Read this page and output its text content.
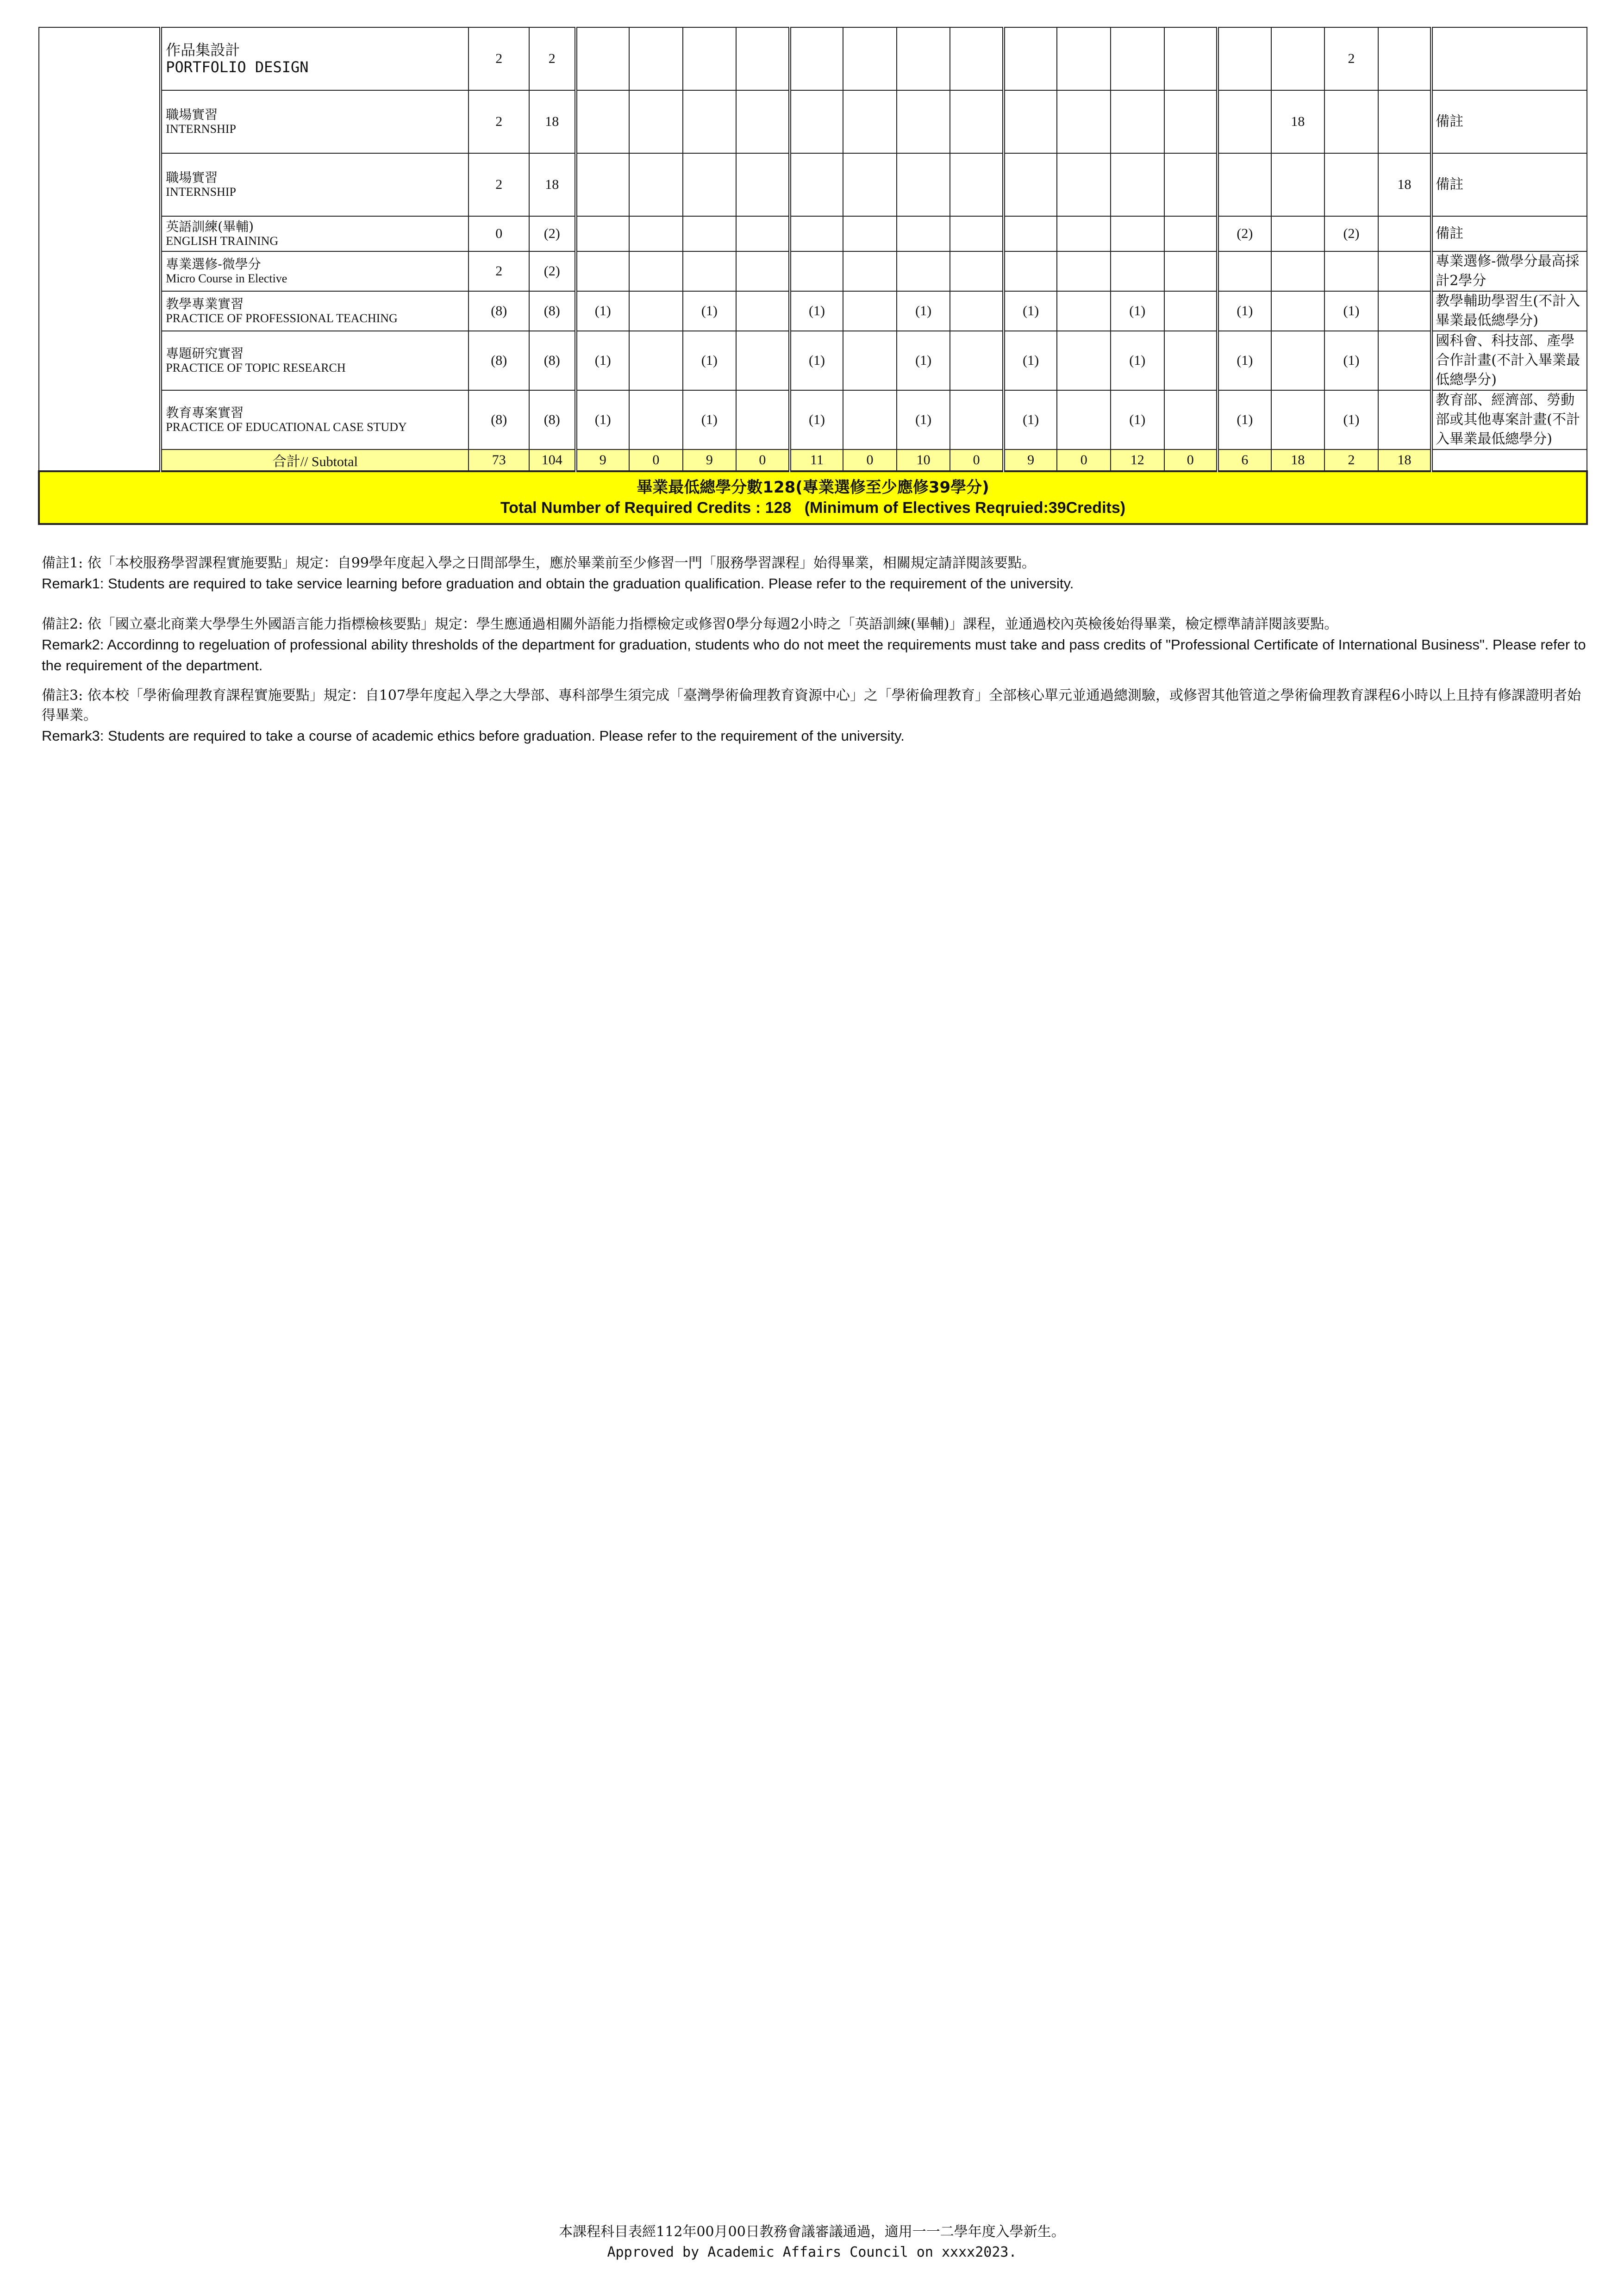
	作品集設計
PORTFOLIO DESIGN	2	2															2		

	職場實習
INTERNSHIP	2	18														18			備註

	職場實習
INTERNSHIP	2	18																18	備註

	英語訓練(畢輔)
ENGLISH TRAINING	0	(2)													(2)		(2)		備註

	專業選修-微學分
Micro Course in Elective	2	(2)																	專業選修-微學分最高採計2學分

	教學專業實習
PRACTICE OF PROFESSIONAL TEACHING	(8)	(8)	(1)		(1)		(1)		(1)		(1)		(1)		(1)		(1)		教學輔助學習生(不計入畢業最低總學分)

	專題研究實習
PRACTICE OF TOPIC RESEARCH	(8)	(8)	(1)		(1)		(1)		(1)		(1)		(1)		(1)		(1)		國科會、科技部、產學合作計畫(不計入畢業最低總學分)

	教育專案實習
PRACTICE OF EDUCATIONAL CASE STUDY	(8)	(8)	(1)		(1)		(1)		(1)		(1)		(1)		(1)		(1)		教育部、經濟部、勞動部或其他專案計畫(不計入畢業最低總學分)
	合計// Subtotal	73	104	9	0	9	0	11	0	10	0	9	0	12	0	6	18	2	18	

畢業最低總學分數128(專業選修至少應修39學分)
Total Number of Required Credits : 128   (Minimum of Electives Reqruied:39Credits)																				

備註1: 依「本校服務學習課程實施要點」規定：自99學年度起入學之日間部學生，應於畢業前至少修習一門「服務學習課程」始得畢業，相關規定請詳閱該要點。

Remark1: Students are required to take service learning before graduation and obtain the graduation qualification. Please refer to the requirement of the university.

備註2: 依「國立臺北商業大學學生外國語言能力指標檢核要點」規定：學生應通過相關外語能力指標檢定或修習0學分每週2小時之「英語訓練(畢輔)」課程，並通過校內英檢後始得畢業，檢定標準請詳閱該要點。

Remark2: Accordinng to regeluation of professional ability thresholds of the department for graduation, students who do not meet the requirements must take and pass credits of "Professional Certificate of International Business". Please refer to the requirement of the department.

備註3: 依本校「學術倫理教育課程實施要點」規定：自107學年度起入學之大學部、專科部學生須完成「臺灣學術倫理教育資源中心」之「學術倫理教育」全部核心單元並通過總測驗，或修習其他管道之學術倫理教育課程6小時以上且持有修課證明者始得畢業。

Remark3: Students are required to take a course of academic ethics before graduation. Please refer to the requirement of the university.

本課程科目表經112年00月00日教務會議審議通過，適用一一二學年度入學新生。
Approved by Academic Affairs Council on xxxx2023.
